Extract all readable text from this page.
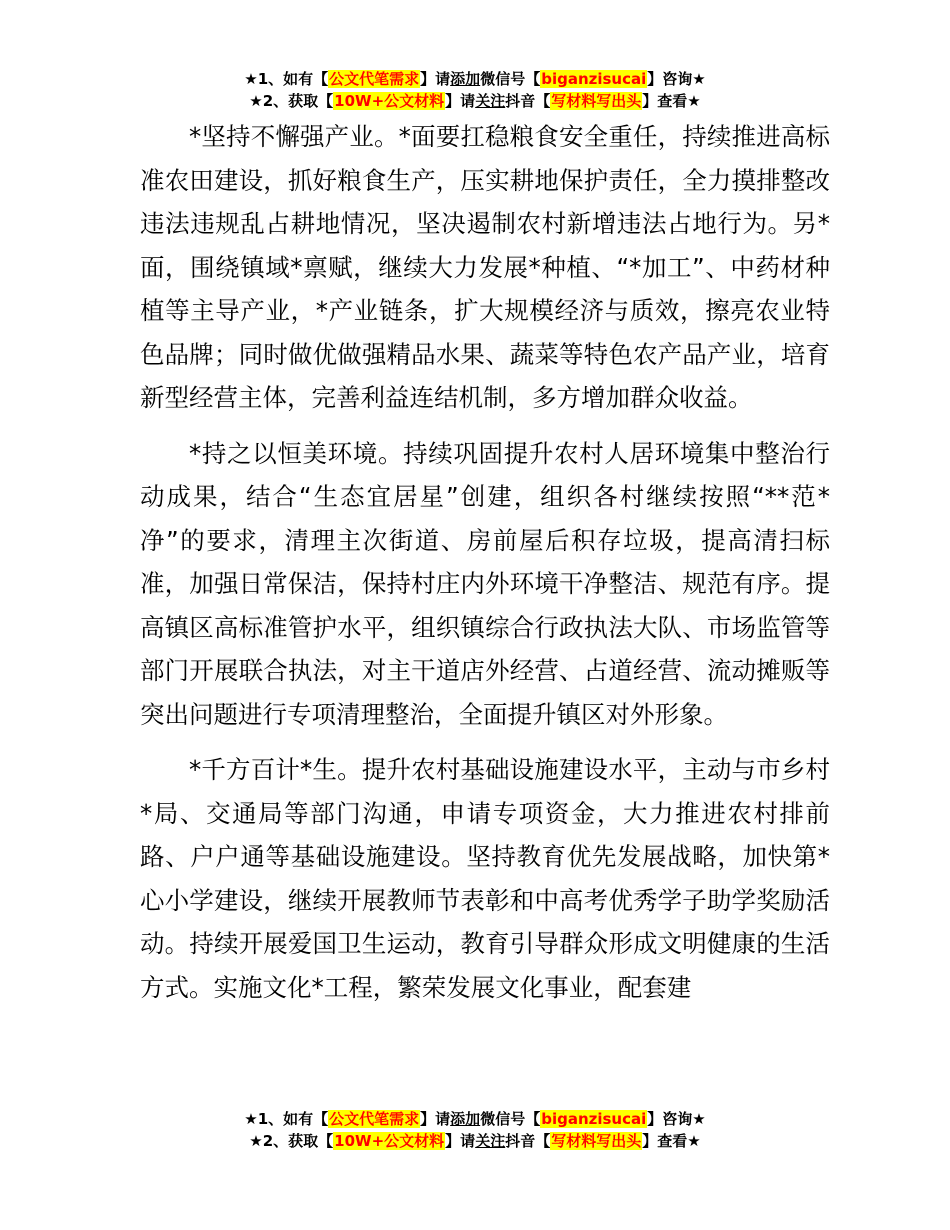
★1、如有【公文代笔需求】请添加微信号【biganzisucai】咨询★
★2、获取【10W+公文材料】请关注抖音【写材料写出头】查看★

*坚持不懈强产业。*面要扛稳粮食安全重任，持续推进高标准农田建设，抓好粮食生产，压实耕地保护责任，全力摸排整改违法违规乱占耕地情况，坚决遏制农村新增违法占地行为。另*面，围绕镇域*禀赋，继续大力发展*种植、“*加工”、中药材种植等主导产业，*产业链条，扩大规模经济与质效，擦亮农业特色品牌；同时做优做强精品水果、蔬菜等特色农产品产业，培育新型经营主体，完善利益连结机制，多方增加群众收益。

*持之以恒美环境。持续巩固提升农村人居环境集中整治行动成果，结合“生态宜居星”创建，组织各村继续按照“**范*净”的要求，清理主次街道、房前屋后积存垃圾，提高清扫标准，加强日常保洁，保持村庄内外环境干净整洁、规范有序。提高镇区高标准管护水平，组织镇综合行政执法大队、市场监管等部门开展联合执法，对主干道店外经营、占道经营、流动摊贩等突出问题进行专项清理整治，全面提升镇区对外形象。

*千方百计*生。提升农村基础设施建设水平，主动与市乡村*局、交通局等部门沟通，申请专项资金，大力推进农村排前路、户户通等基础设施建设。坚持教育优先发展战略，加快第*心小学建设，继续开展教师节表彰和中高考优秀学子助学奖励活动。持续开展爱国卫生运动，教育引导群众形成文明健康的生活方式。实施文化*工程，繁荣发展文化事业，配套建

★1、如有【公文代笔需求】请添加微信号【biganzisucai】咨询★
★2、获取【10W+公文材料】请关注抖音【写材料写出头】查看★
